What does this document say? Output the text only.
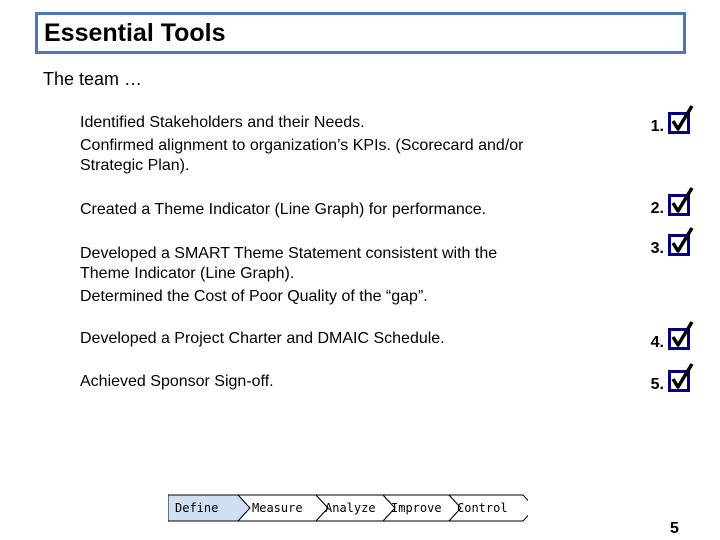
Essential Tools
The team …
Identified Stakeholders and their Needs.
Confirmed alignment to organization’s KPIs. (Scorecard and/or Strategic Plan).
Created a Theme Indicator (Line Graph) for performance.
Developed a SMART Theme Statement consistent with the Theme Indicator (Line Graph).
Determined the Cost of Poor Quality of the “gap”.
Developed a Project Charter and DMAIC Schedule.
Achieved Sponsor Sign-off.
1.
2.
3.
4.
5.
Define	Measure Analyze Improve Control
5
